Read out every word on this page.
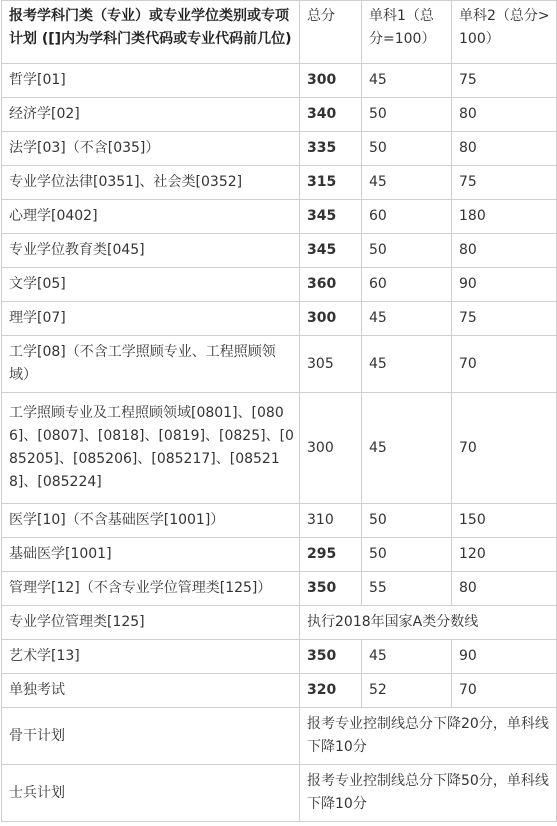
报考学科门类（专业）或专业学位类别或专项计划 ([]内为学科门类代码或专业代码前几位)	总分	单科1（总分=100）	单科2（总分>100）
哲学[01]	300	45	75
经济学[02]	340	50	80
法学[03]（不含[035]）	335	50	80
专业学位法律[0351]、社会类[0352]	315	45	75
心理学[0402]	345	60	180
专业学位教育类[045]	345	50	80
文学[05]	360	60	90
理学[07]	300	45	75
工学[08]（不含工学照顾专业、工程照顾领域）	305	45	70
工学照顾专业及工程照顾领域[0801]、[0806]、[0807]、[0818]、[0819]、[0825]、[085205]、[085206]、[085217]、[085218]、[085224]	300	45	70
医学[10]（不含基础医学[1001]）	310	50	150
基础医学[1001]	295	50	120
管理学[12]（不含专业学位管理类[125]）	350	55	80
专业学位管理类[125]	执行2018年国家A类分数线		
艺术学[13]	350	45	90
单独考试	320	52	70
骨干计划	报考专业控制线总分下降20分，单科线下降10分		
士兵计划	报考专业控制线总分下降50分，单科线下降10分		
